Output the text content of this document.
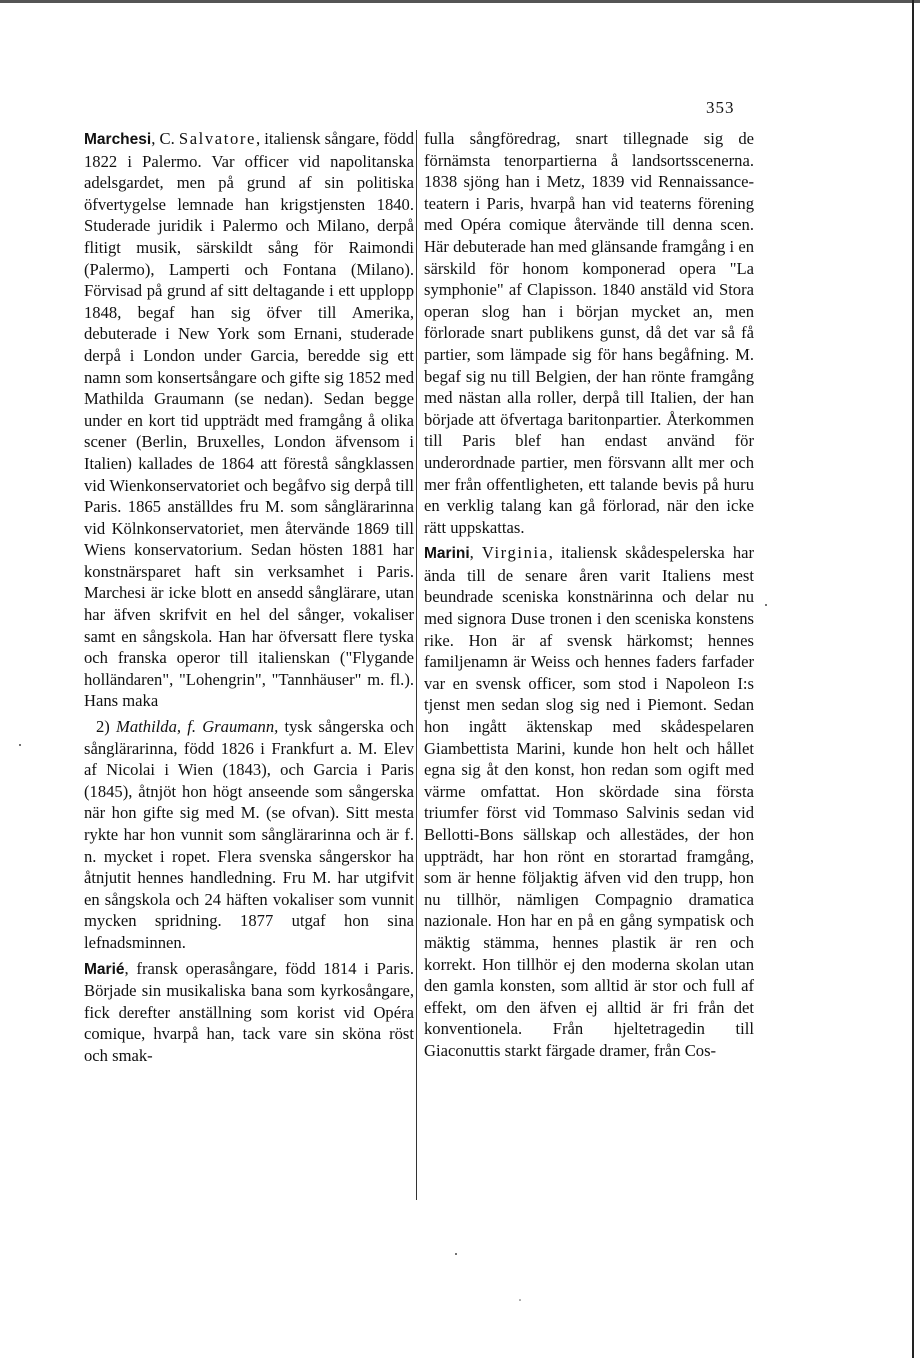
353

Marchesi, C. Salvatore, italiensk sångare, född 1822 i Palermo. Var officer vid napolitanska adelsgardet, men på grund af sin politiska öfvertygelse lemnade han krigstjensten 1840. Studerade juridik i Palermo och Milano, derpå flitigt musik, särskildt sång för Raimondi (Palermo), Lamperti och Fontana (Milano). Förvisad på grund af sitt deltagande i ett upplopp 1848, begaf han sig öfver till Amerika, debuterade i New York som Ernani, studerade derpå i London under Garcia, beredde sig ett namn som konsertsångare och gifte sig 1852 med Mathilda Graumann (se nedan). Sedan begge under en kort tid uppträdt med framgång å olika scener (Berlin, Bruxelles, London äfvensom i Italien) kallades de 1864 att förestå sångklassen vid Wienkonservatoriet och begåfvo sig derpå till Paris. 1865 anställdes fru M. som sånglärarinna vid Kölnkonservatoriet, men återvände 1869 till Wiens konservatorium. Sedan hösten 1881 har konstnärsparet haft sin verksamhet i Paris. Marchesi är icke blott en ansedd sånglärare, utan har äfven skrifvit en hel del sånger, vokaliser samt en sångskola. Han har öfversatt flere tyska och franska operor till italienskan ("Flygande holländaren", "Lohengrin", "Tannhäuser" m. fl.). Hans maka

2) Mathilda, f. Graumann, tysk sångerska och sånglärarinna, född 1826 i Frankfurt a. M. Elev af Nicolai i Wien (1843), och Garcia i Paris (1845), åtnjöt hon högt anseende som sångerska när hon gifte sig med M. (se ofvan). Sitt mesta rykte har hon vunnit som sånglärarinna och är f. n. mycket i ropet. Flera svenska sångerskor ha åtnjutit hennes handledning. Fru M. har utgifvit en sångskola och 24 häften vokaliser som vunnit mycken spridning. 1877 utgaf hon sina lefnadsminnen.

Marié, fransk operasångare, född 1814 i Paris. Började sin musikaliska bana som kyrkosångare, fick derefter anställning som korist vid Opéra comique, hvarpå han, tack vare sin sköna röst och smak-

fulla sångföredrag, snart tillegnade sig de förnämsta tenorpartierna å landsortsscenerna. 1838 sjöng han i Metz, 1839 vid Rennaissance-teatern i Paris, hvarpå han vid teaterns förening med Opéra comique återvände till denna scen. Här debuterade han med glänsande framgång i en särskild för honom komponerad opera "La symphonie" af Clapisson. 1840 anstäld vid Stora operan slog han i början mycket an, men förlorade snart publikens gunst, då det var så få partier, som lämpade sig för hans begåfning. M. begaf sig nu till Belgien, der han rönte framgång med nästan alla roller, derpå till Italien, der han började att öfvertaga baritonpartier. Återkommen till Paris blef han endast använd för underordnade partier, men försvann allt mer och mer från offentligheten, ett talande bevis på huru en verklig talang kan gå förlorad, när den icke rätt uppskattas.

Marini, Virginia, italiensk skådespelerska har ända till de senare åren varit Italiens mest beundrade sceniska konstnärinna och delar nu med signora Duse tronen i den sceniska konstens rike. Hon är af svensk härkomst; hennes familjenamn är Weiss och hennes faders farfader var en svensk officer, som stod i Napoleon I:s tjenst men sedan slog sig ned i Piemont. Sedan hon ingått äktenskap med skådespelaren Giambettista Marini, kunde hon helt och hållet egna sig åt den konst, hon redan som ogift med värme omfattat. Hon skördade sina första triumfer först vid Tommaso Salvinis sedan vid Bellotti-Bons sällskap och allestädes, der hon uppträdt, har hon rönt en storartad framgång, som är henne följaktig äfven vid den trupp, hon nu tillhör, nämligen Compagnio dramatica nazionale. Hon har en på en gång sympatisk och mäktig stämma, hennes plastik är ren och korrekt. Hon tillhör ej den moderna skolan utan den gamla konsten, som alltid är stor och full af effekt, om den äfven ej alltid är fri från det konventionela. Från hjeltetragedin till Giaconuttis starkt färgade dramer, från Cos-
